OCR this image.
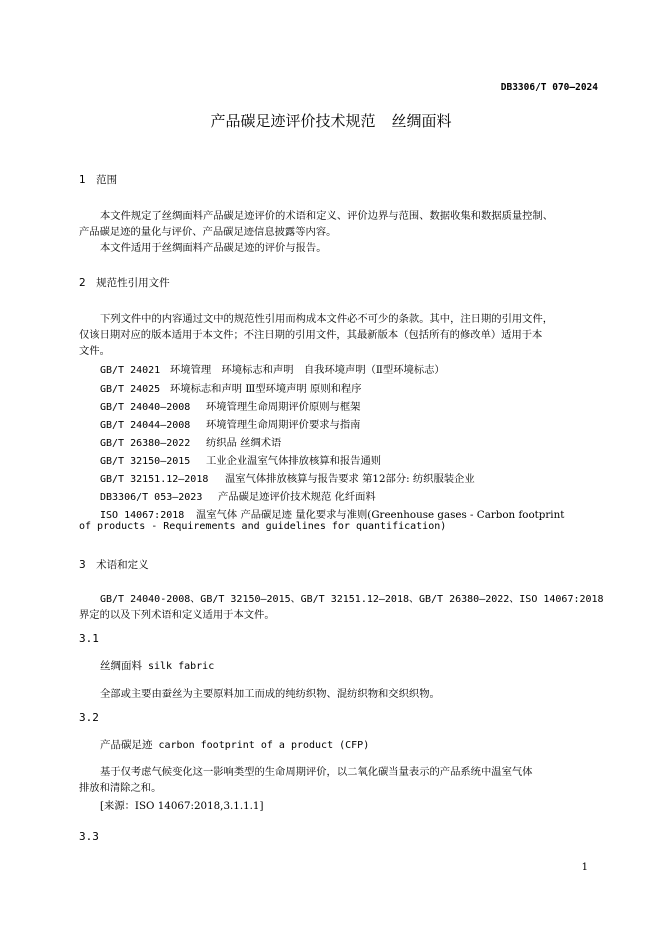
DB3306/T 070—2024
产品碳足迹评价技术规范 丝绸面料
1　范围
本文件规定了丝绸面料产品碳足迹评价的术语和定义、评价边界与范围、数据收集和数据质量控制、
产品碳足迹的量化与评价、产品碳足迹信息披露等内容。
本文件适用于丝绸面料产品碳足迹的评价与报告。
2　规范性引用文件
下列文件中的内容通过文中的规范性引用而构成本文件必不可少的条款。其中，注日期的引用文件，
仅该日期对应的版本适用于本文件；不注日期的引用文件，其最新版本（包括所有的修改单）适用于本
文件。
GB/T 24021 环境管理　环境标志和声明　自我环境声明（Ⅱ型环境标志）
GB/T 24025 环境标志和声明 Ⅲ型环境声明 原则和程序
GB/T 24040—2008 环境管理生命周期评价原则与框架
GB/T 24044—2008 环境管理生命周期评价要求与指南
GB/T 26380—2022 纺织品 丝绸术语
GB/T 32150—2015 工业企业温室气体排放核算和报告通则
GB/T 32151.12—2018 温室气体排放核算与报告要求 第12部分: 纺织服装企业
DB3306/T 053—2023 产品碳足迹评价技术规范 化纤面料
ISO 14067:2018 温室气体 产品碳足迹 量化要求与准则(Greenhouse gases - Carbon footprint
of products - Requirements and guidelines for quantification)
3　术语和定义
GB/T 24040-2008、GB/T 32150—2015、GB/T 32151.12—2018、GB/T 26380—2022、ISO 14067:2018
界定的以及下列术语和定义适用于本文件。
3.1
丝绸面料 silk fabric
全部或主要由蚕丝为主要原料加工而成的纯纺织物、混纺织物和交织织物。
3.2
产品碳足迹 carbon footprint of a product (CFP)
基于仅考虑气候变化这一影响类型的生命周期评价，以二氧化碳当量表示的产品系统中温室气体
排放和清除之和。
[来源：ISO 14067:2018,3.1.1.1]
3.3
1
